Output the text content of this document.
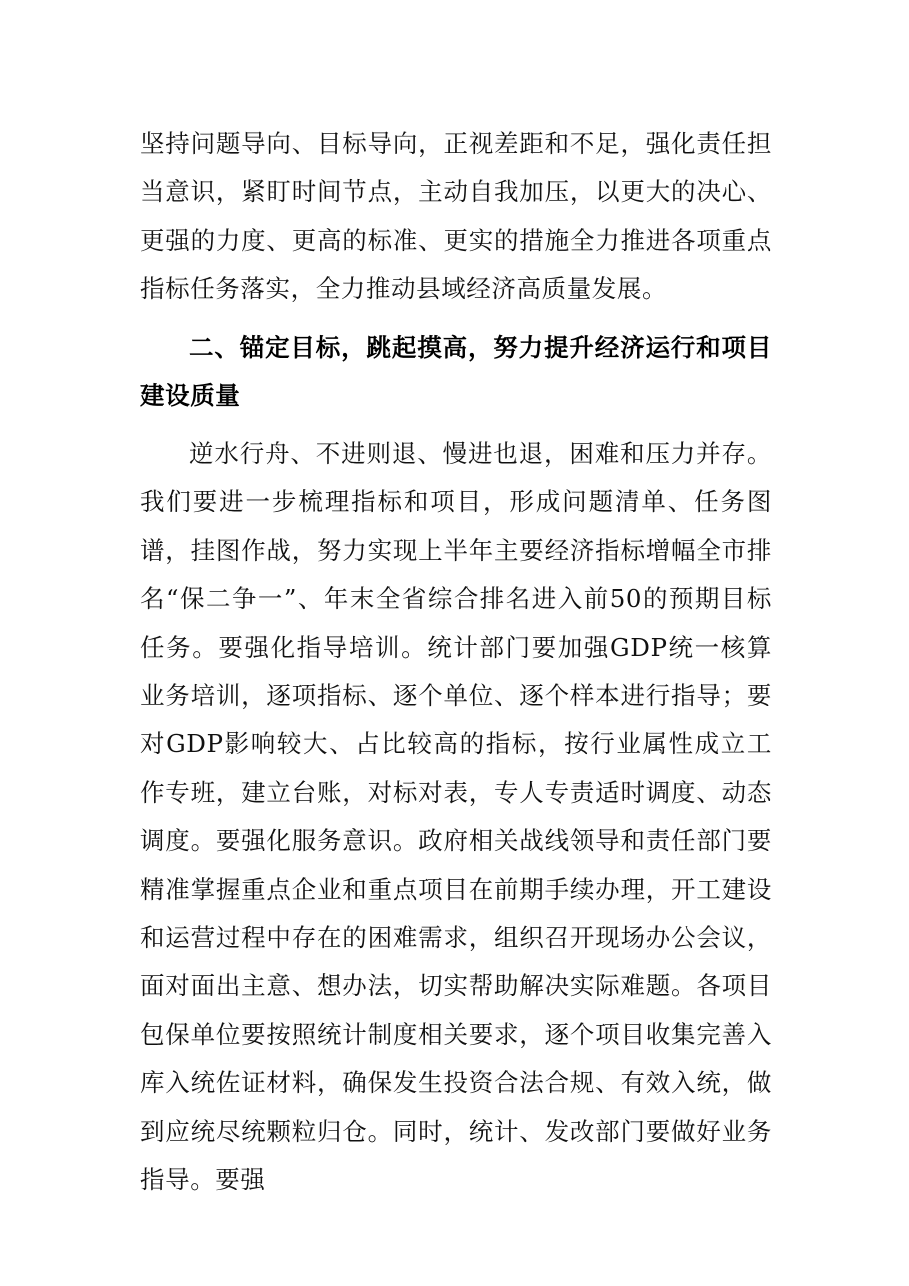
坚持问题导向、目标导向，正视差距和不足，强化责任担当意识，紧盯时间节点，主动自我加压，以更大的决心、更强的力度、更高的标准、更实的措施全力推进各项重点指标任务落实，全力推动县域经济高质量发展。

二、锚定目标，跳起摸高，努力提升经济运行和项目建设质量

逆水行舟、不进则退、慢进也退，困难和压力并存。我们要进一步梳理指标和项目，形成问题清单、任务图谱，挂图作战，努力实现上半年主要经济指标增幅全市排名“保二争一”、年末全省综合排名进入前50的预期目标任务。要强化指导培训。统计部门要加强GDP统一核算业务培训，逐项指标、逐个单位、逐个样本进行指导；要对GDP影响较大、占比较高的指标，按行业属性成立工作专班，建立台账，对标对表，专人专责适时调度、动态调度。要强化服务意识。政府相关战线领导和责任部门要精准掌握重点企业和重点项目在前期手续办理，开工建设和运营过程中存在的困难需求，组织召开现场办公会议，面对面出主意、想办法，切实帮助解决实际难题。各项目包保单位要按照统计制度相关要求，逐个项目收集完善入库入统佐证材料，确保发生投资合法合规、有效入统，做到应统尽统颗粒归仓。同时，统计、发改部门要做好业务指导。要强
